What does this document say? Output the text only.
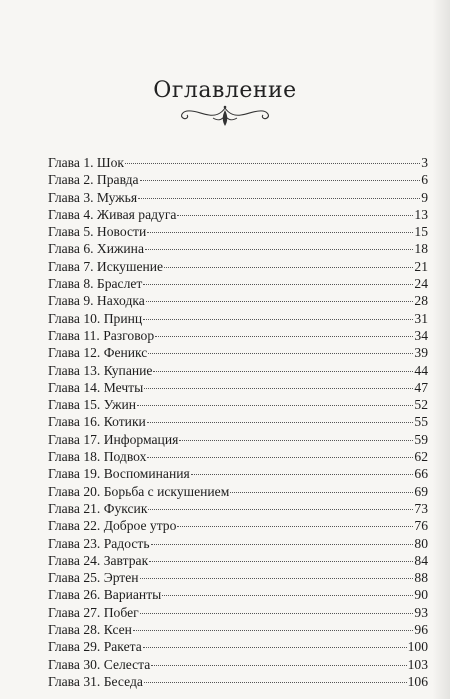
Оглавление
Глава 1. Шок	3
Глава 2. Правда	6
Глава 3. Мужья	9
Глава 4. Живая радуга	13
Глава 5. Новости	15
Глава 6. Хижина	18
Глава 7. Искушение	21
Глава 8. Браслет	24
Глава 9. Находка	28
Глава 10. Принц	31
Глава 11. Разговор	34
Глава 12. Феникс	39
Глава 13. Купание	44
Глава 14. Мечты	47
Глава 15. Ужин	52
Глава 16. Котики	55
Глава 17. Информация	59
Глава 18. Подвох	62
Глава 19. Воспоминания	66
Глава 20. Борьба с искушением	69
Глава 21. Фуксик	73
Глава 22. Доброе утро	76
Глава 23. Радость	80
Глава 24. Завтрак	84
Глава 25. Эртен	88
Глава 26. Варианты	90
Глава 27. Побег	93
Глава 28. Ксен	96
Глава 29. Ракета	100
Глава 30. Селеста	103
Глава 31. Беседа	106
